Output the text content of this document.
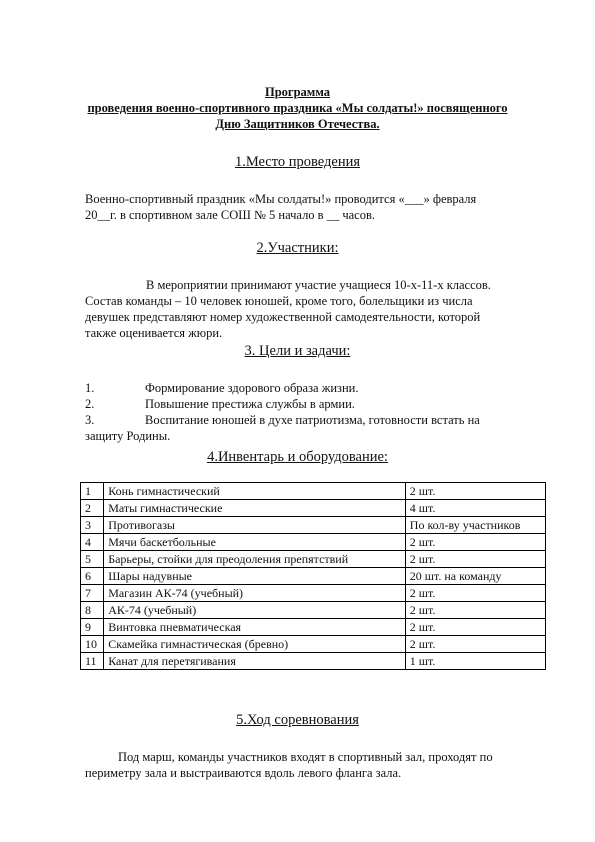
Программа
проведения военно-спортивного праздника «Мы солдаты!» посвященного
Дню Защитников Отечества.
1.Место проведения
Военно-спортивный праздник «Мы солдаты!» проводится «___» февраля
20__г. в спортивном зале СОШ № 5 начало в __ часов.
2.Участники:
В мероприятии принимают участие учащиеся 10-х-11-х классов.
Состав команды – 10 человек юношей, кроме того, болельщики из числа
девушек представляют номер художественной самодеятельности, которой
также оценивается жюри.
3. Цели и задачи:
1.	Формирование здорового образа жизни.
2.	Повышение престижа службы в армии.
3.	Воспитание юношей в духе патриотизма, готовности встать на
защиту Родины.
4.Инвентарь и оборудование:
1	Конь гимнастический	2 шт.
2	Маты гимнастические	4 шт.
3	Противогазы	По кол-ву участников
4	Мячи баскетбольные	2 шт.
5	Барьеры, стойки для преодоления препятствий	2 шт.
6	Шары надувные	20 шт. на команду
7	Магазин АК-74 (учебный)	2 шт.
8	АК-74 (учебный)	2 шт.
9	Винтовка пневматическая	2 шт.
10	Скамейка гимнастическая (бревно)	2 шт.
11	Канат для перетягивания	1 шт.
5.Ход соревнования
Под марш, команды участников входят в спортивный зал, проходят по
периметру зала и выстраиваются вдоль левого фланга зала.
